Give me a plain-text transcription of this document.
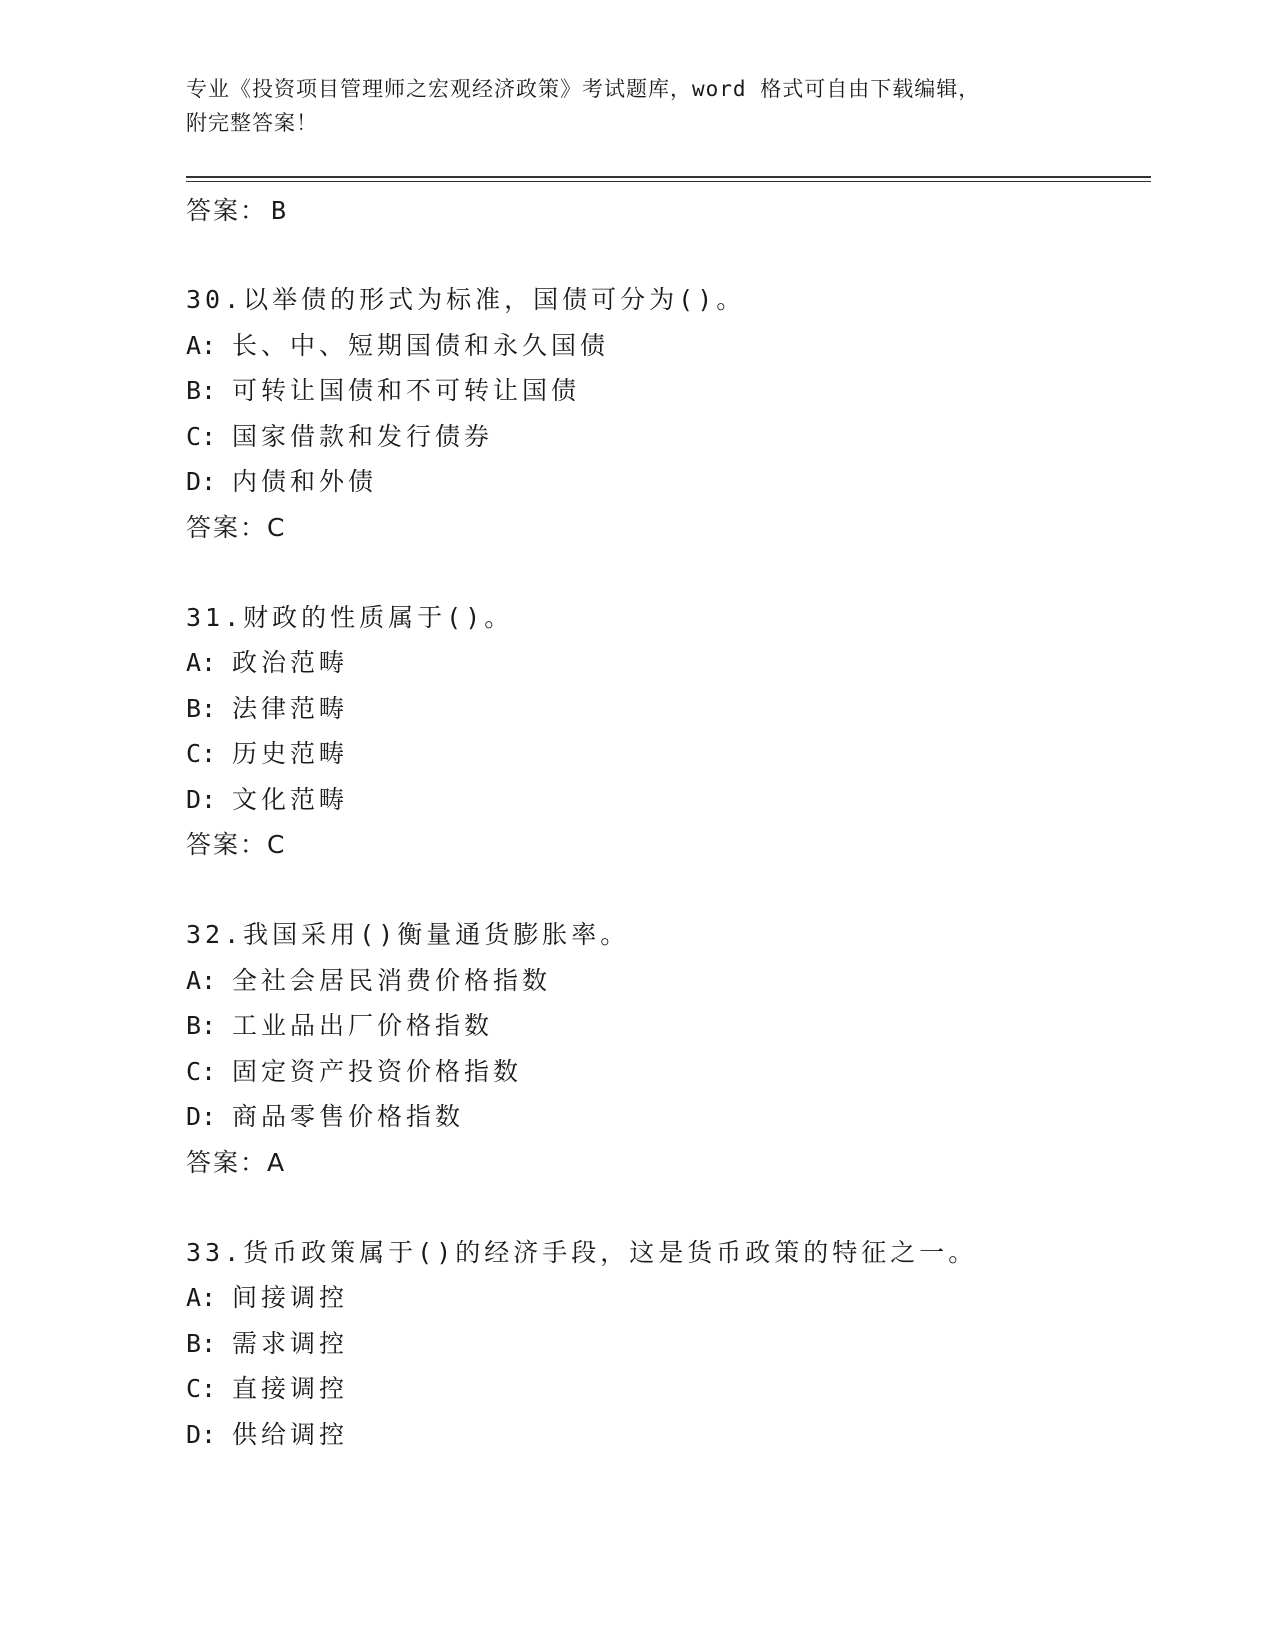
专业《投资项目管理师之宏观经济政策》考试题库，word 格式可自由下载编辑，
附完整答案！
答案： B
30.以举债的形式为标准，国债可分为()。
A: 长、中、短期国债和永久国债
B: 可转让国债和不可转让国债
C: 国家借款和发行债券
D: 内债和外债
答案：C
31.财政的性质属于()。
A: 政治范畴
B: 法律范畴
C: 历史范畴
D: 文化范畴
答案：C
32.我国采用()衡量通货膨胀率。
A: 全社会居民消费价格指数
B: 工业品出厂价格指数
C: 固定资产投资价格指数
D: 商品零售价格指数
答案：A
33.货币政策属于()的经济手段，这是货币政策的特征之一。
A: 间接调控
B: 需求调控
C: 直接调控
D: 供给调控
